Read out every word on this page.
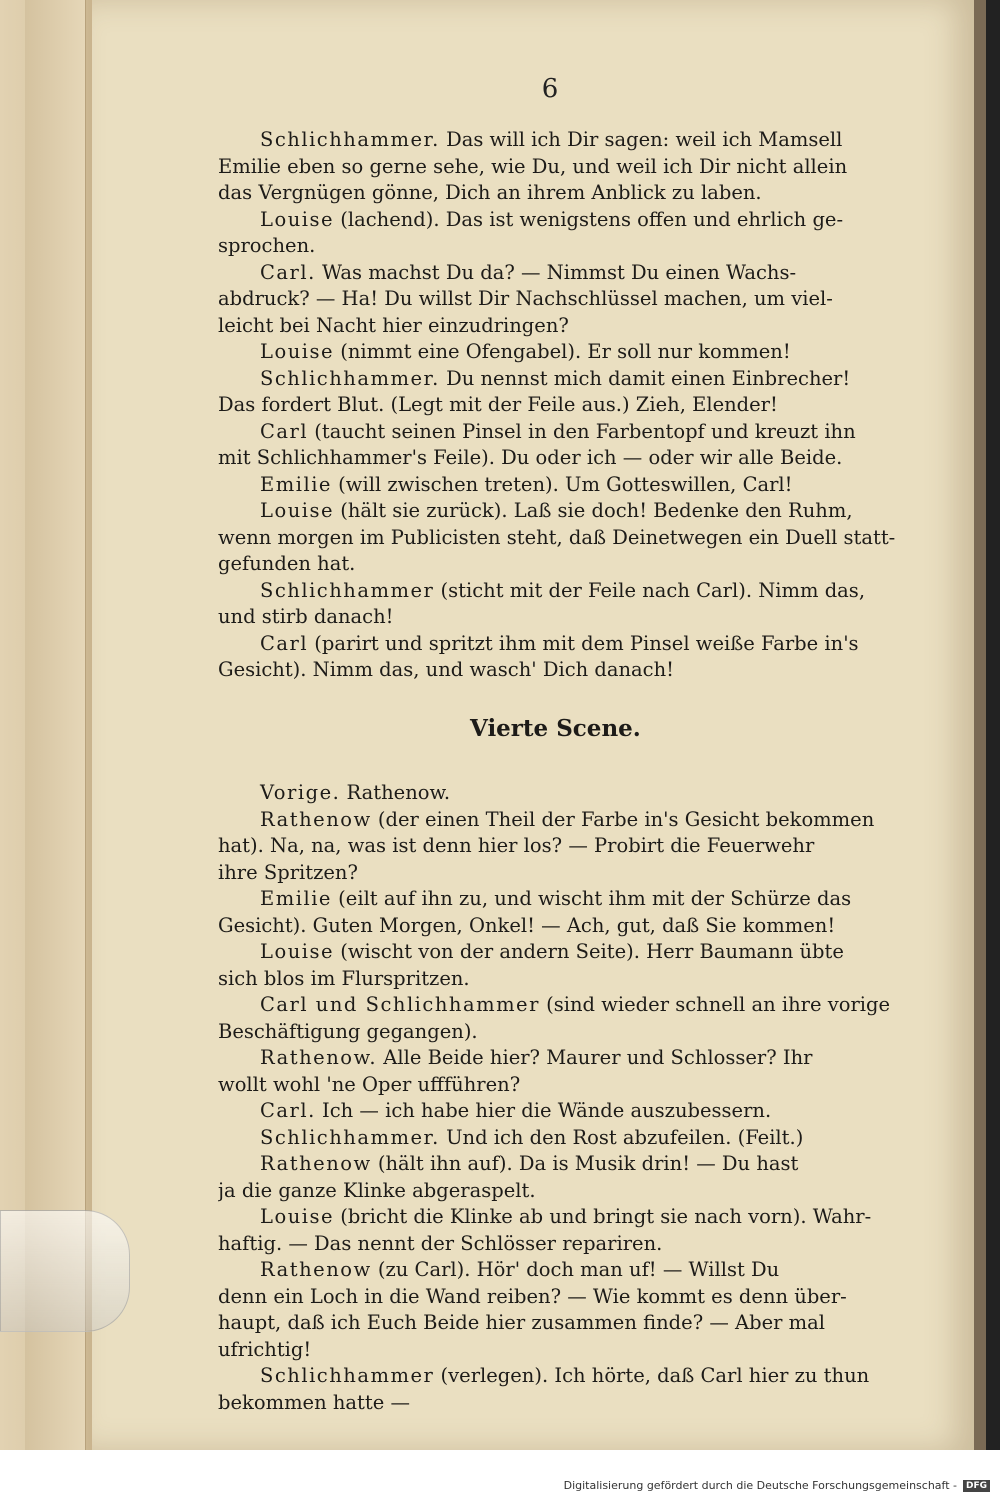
6
Schlichhammer. Das will ich Dir sagen: weil ich Mamsell
Emilie eben so gerne sehe, wie Du, und weil ich Dir nicht allein
das Vergnügen gönne, Dich an ihrem Anblick zu laben.
Louise (lachend). Das ist wenigstens offen und ehrlich ge-
sprochen.
Carl. Was machst Du da? — Nimmst Du einen Wachs-
abdruck? — Ha! Du willst Dir Nachschlüssel machen, um viel-
leicht bei Nacht hier einzudringen?
Louise (nimmt eine Ofengabel). Er soll nur kommen!
Schlichhammer. Du nennst mich damit einen Einbrecher!
Das fordert Blut. (Legt mit der Feile aus.) Zieh, Elender!
Carl (taucht seinen Pinsel in den Farbentopf und kreuzt ihn
mit Schlichhammer's Feile). Du oder ich — oder wir alle Beide.
Emilie (will zwischen treten). Um Gotteswillen, Carl!
Louise (hält sie zurück). Laß sie doch! Bedenke den Ruhm,
wenn morgen im Publicisten steht, daß Deinetwegen ein Duell statt-
gefunden hat.
Schlichhammer (sticht mit der Feile nach Carl). Nimm das,
und stirb danach!
Carl (parirt und spritzt ihm mit dem Pinsel weiße Farbe in's
Gesicht). Nimm das, und wasch' Dich danach!
Vierte Scene.
Vorige. Rathenow.
Rathenow (der einen Theil der Farbe in's Gesicht bekommen
hat). Na, na, was ist denn hier los? — Probirt die Feuerwehr
ihre Spritzen?
Emilie (eilt auf ihn zu, und wischt ihm mit der Schürze das
Gesicht). Guten Morgen, Onkel! — Ach, gut, daß Sie kommen!
Louise (wischt von der andern Seite). Herr Baumann übte
sich blos im Flurspritzen.
Carl und Schlichhammer (sind wieder schnell an ihre vorige
Beschäftigung gegangen).
Rathenow. Alle Beide hier? Maurer und Schlosser? Ihr
wollt wohl 'ne Oper uffführen?
Carl. Ich — ich habe hier die Wände auszubessern.
Schlichhammer. Und ich den Rost abzufeilen. (Feilt.)
Rathenow (hält ihn auf). Da is Musik drin! — Du hast
ja die ganze Klinke abgeraspelt.
Louise (bricht die Klinke ab und bringt sie nach vorn). Wahr-
haftig. — Das nennt der Schlösser repariren.
Rathenow (zu Carl). Hör' doch man uf! — Willst Du
denn ein Loch in die Wand reiben? — Wie kommt es denn über-
haupt, daß ich Euch Beide hier zusammen finde? — Aber mal
ufrichtig!
Schlichhammer (verlegen). Ich hörte, daß Carl hier zu thun
bekommen hatte —
Digitalisierung gefördert durch die Deutsche Forschungsgemeinschaft -	DFG
